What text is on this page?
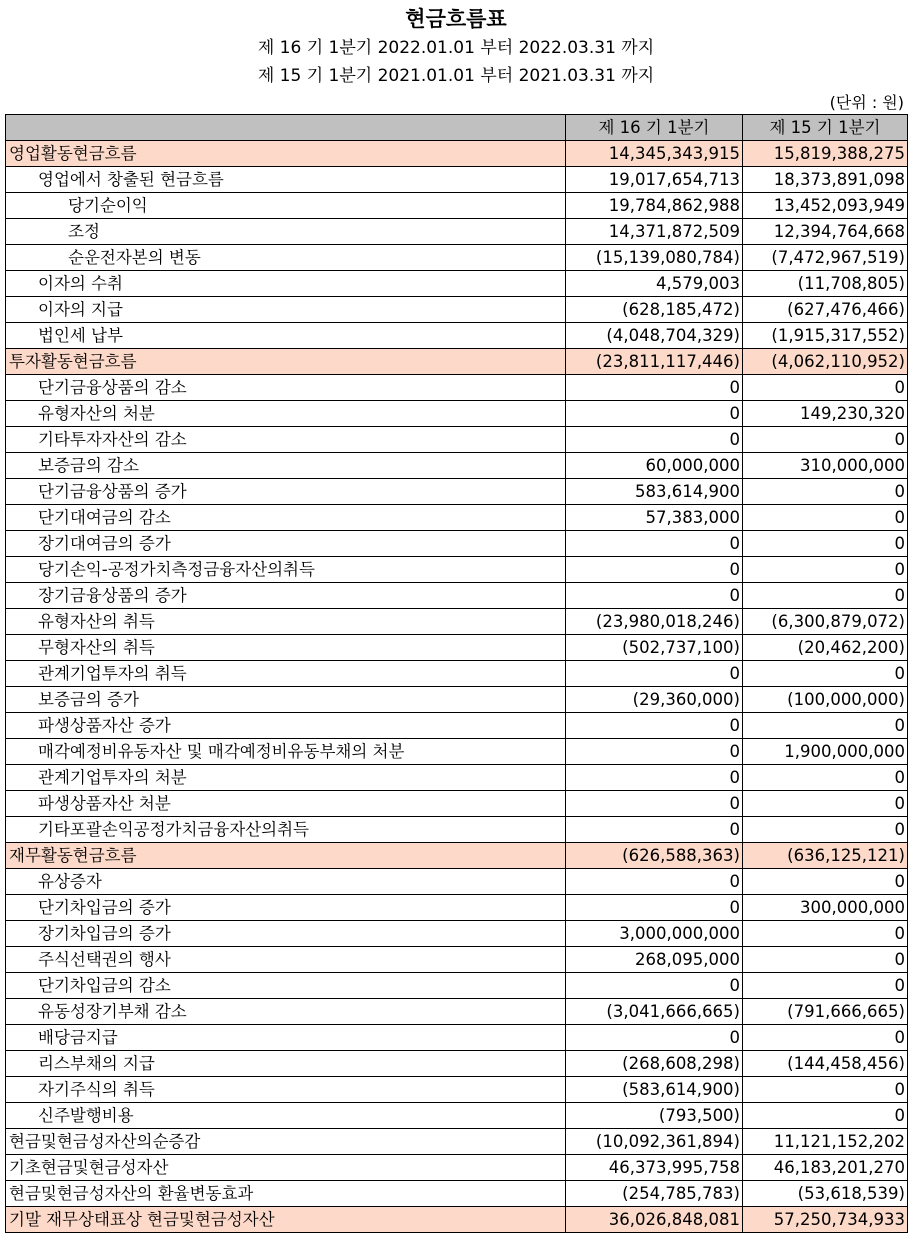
현금흐름표
제 16 기 1분기 2022.01.01 부터 2022.03.31 까지
제 15 기 1분기 2021.01.01 부터 2021.03.31 까지
(단위 : 원)
	제 16 기 1분기	제 15 기 1분기
영업활동현금흐름	14,345,343,915	15,819,388,275
영업에서 창출된 현금흐름	19,017,654,713	18,373,891,098
당기순이익	19,784,862,988	13,452,093,949
조정	14,371,872,509	12,394,764,668
순운전자본의 변동	(15,139,080,784)	(7,472,967,519)
이자의 수취	4,579,003	(11,708,805)
이자의 지급	(628,185,472)	(627,476,466)
법인세 납부	(4,048,704,329)	(1,915,317,552)
투자활동현금흐름	(23,811,117,446)	(4,062,110,952)
단기금융상품의 감소	0	0
유형자산의 처분	0	149,230,320
기타투자자산의 감소	0	0
보증금의 감소	60,000,000	310,000,000
단기금융상품의 증가	583,614,900	0
단기대여금의 감소	57,383,000	0
장기대여금의 증가	0	0
당기손익-공정가치측정금융자산의취득	0	0
장기금융상품의 증가	0	0
유형자산의 취득	(23,980,018,246)	(6,300,879,072)
무형자산의 취득	(502,737,100)	(20,462,200)
관계기업투자의 취득	0	0
보증금의 증가	(29,360,000)	(100,000,000)
파생상품자산 증가	0	0
매각예정비유동자산 및 매각예정비유동부채의 처분	0	1,900,000,000
관계기업투자의 처분	0	0
파생상품자산 처분	0	0
기타포괄손익공정가치금융자산의취득	0	0
재무활동현금흐름	(626,588,363)	(636,125,121)
유상증자	0	0
단기차입금의 증가	0	300,000,000
장기차입금의 증가	3,000,000,000	0
주식선택권의 행사	268,095,000	0
단기차입금의 감소	0	0
유동성장기부채 감소	(3,041,666,665)	(791,666,665)
배당금지급	0	0
리스부채의 지급	(268,608,298)	(144,458,456)
자기주식의 취득	(583,614,900)	0
신주발행비용	(793,500)	0
현금및현금성자산의순증감	(10,092,361,894)	11,121,152,202
기초현금및현금성자산	46,373,995,758	46,183,201,270
현금및현금성자산의 환율변동효과	(254,785,783)	(53,618,539)
기말 재무상태표상 현금및현금성자산	36,026,848,081	57,250,734,933
